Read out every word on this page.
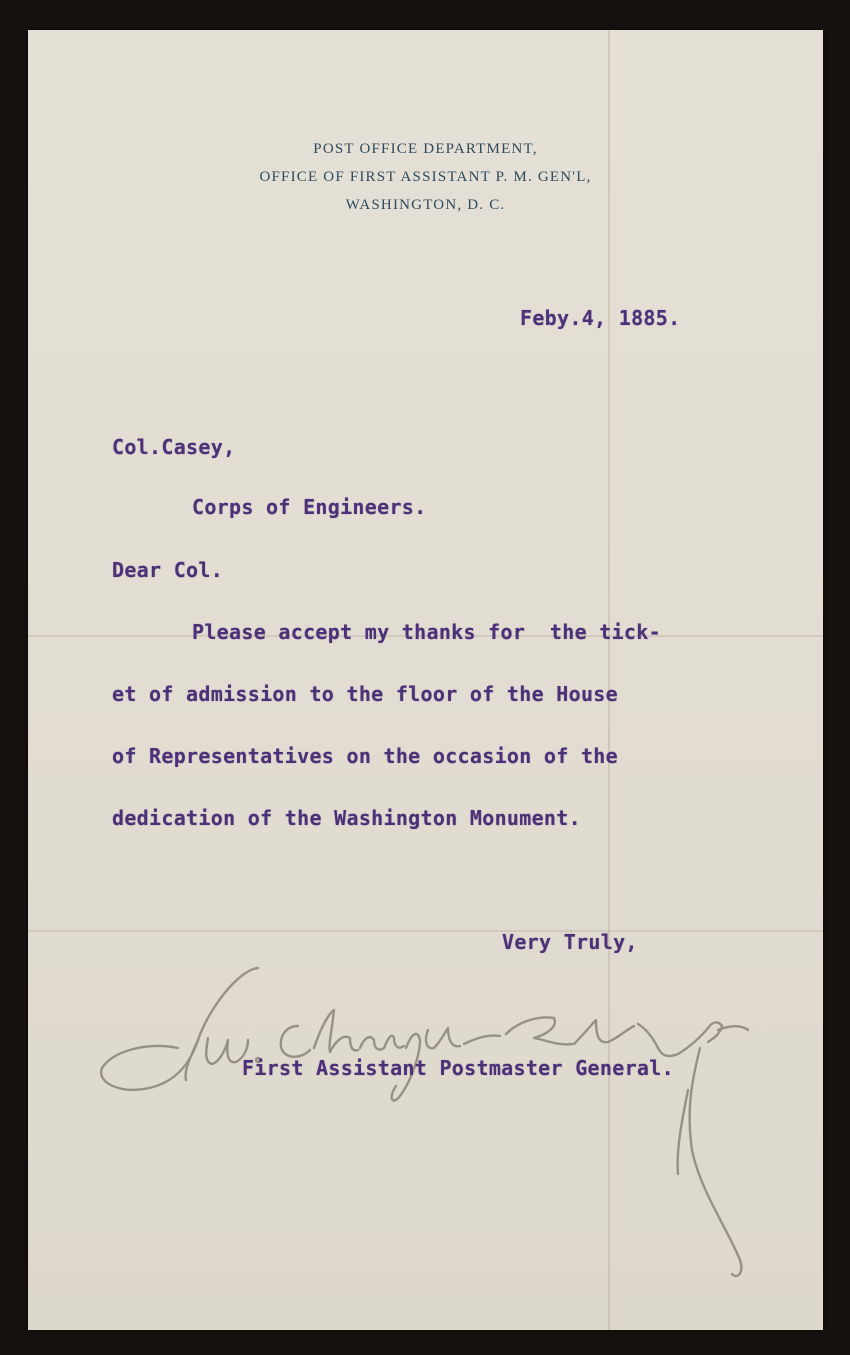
POST OFFICE DEPARTMENT,
OFFICE OF FIRST ASSISTANT P. M. GEN'L,
WASHINGTON, D. C.
Feby.4, 1885.
Col.Casey,
Corps of Engineers.
Dear Col.
Please accept my thanks for  the tick-
et of admission to the floor of the House
of Representatives on the occasion of the
dedication of the Washington Monument.
Very Truly,
First Assistant Postmaster General.
